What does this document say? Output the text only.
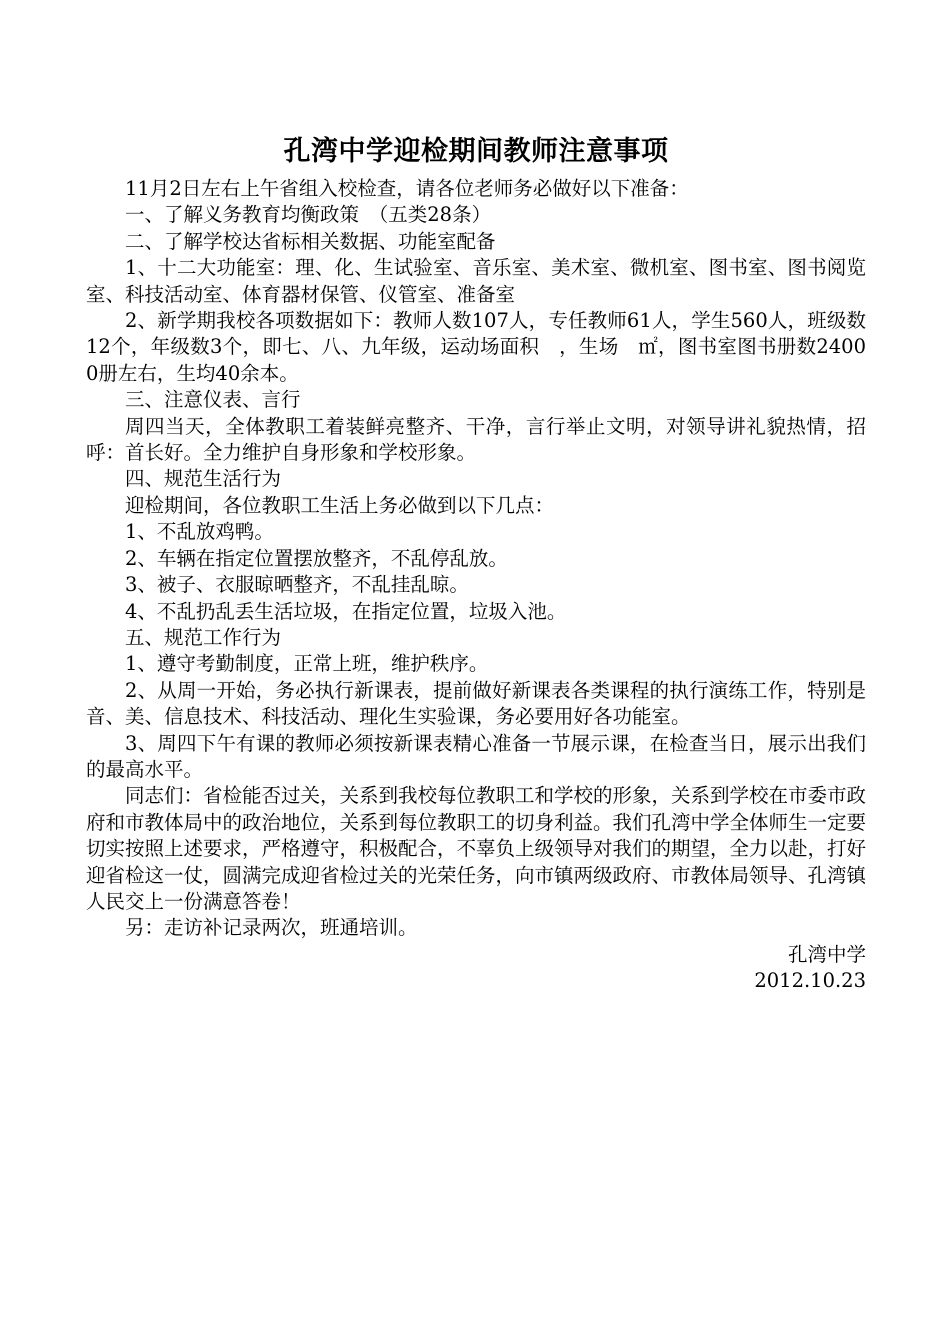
孔湾中学迎检期间教师注意事项

11月2日左右上午省组入校检查，请各位老师务必做好以下准备：

一、了解义务教育均衡政策　（五类28条）

二、了解学校达省标相关数据、功能室配备

1、十二大功能室：理、化、生试验室、音乐室、美术室、微机室、图书室、图书阅览室、科技活动室、体育器材保管、仪管室、准备室

2、新学期我校各项数据如下：教师人数107人，专任教师61人，学生560人，班级数12个，年级数3个，即七、八、九年级，运动场面积　，生场　㎡，图书室图书册数24000册左右，生均40余本。

三、注意仪表、言行

周四当天，全体教职工着装鲜亮整齐、干净，言行举止文明，对领导讲礼貌热情，招呼：首长好。全力维护自身形象和学校形象。

四、规范生活行为

迎检期间，各位教职工生活上务必做到以下几点：

1、不乱放鸡鸭。

2、车辆在指定位置摆放整齐，不乱停乱放。

3、被子、衣服晾晒整齐，不乱挂乱晾。

4、不乱扔乱丢生活垃圾，在指定位置，垃圾入池。

五、规范工作行为

1、遵守考勤制度，正常上班，维护秩序。

2、从周一开始，务必执行新课表，提前做好新课表各类课程的执行演练工作，特别是音、美、信息技术、科技活动、理化生实验课，务必要用好各功能室。

3、周四下午有课的教师必须按新课表精心准备一节展示课，在检查当日，展示出我们的最高水平。

同志们：省检能否过关，关系到我校每位教职工和学校的形象，关系到学校在市委市政府和市教体局中的政治地位，关系到每位教职工的切身利益。我们孔湾中学全体师生一定要切实按照上述要求，严格遵守，积极配合，不辜负上级领导对我们的期望，全力以赴，打好迎省检这一仗，圆满完成迎省检过关的光荣任务，向市镇两级政府、市教体局领导、孔湾镇人民交上一份满意答卷！

另：走访补记录两次，班通培训。

孔湾中学

2012.10.23
